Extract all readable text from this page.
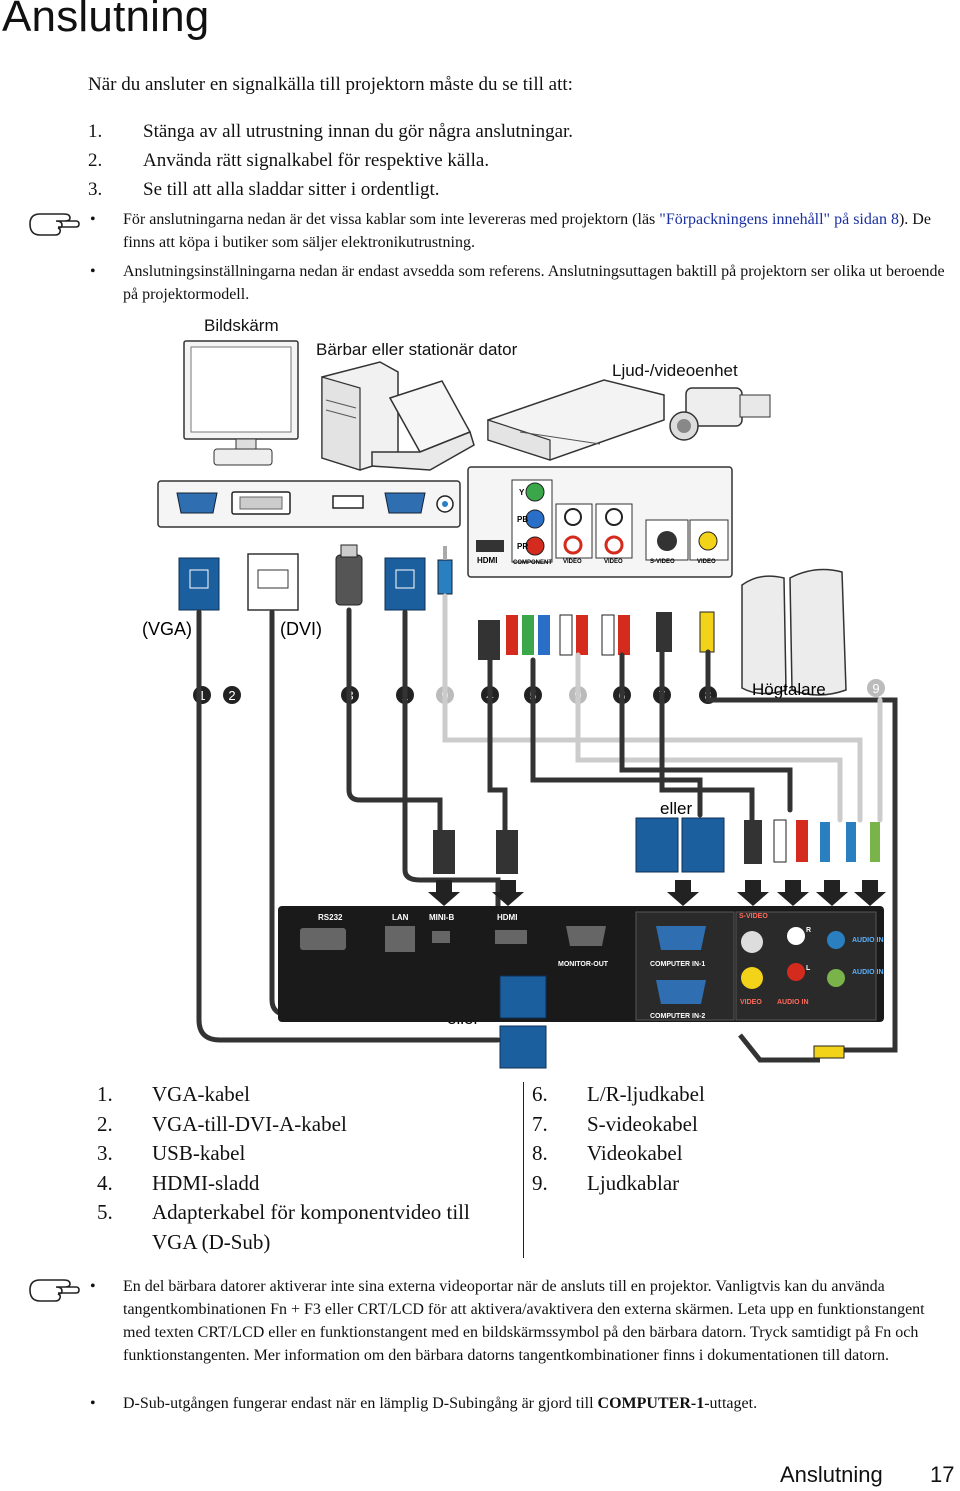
Anslutning
När du ansluter en signalkälla till projektorn måste du se till att:
1.	Stänga av all utrustning innan du gör några anslutningar.
2.	Använda rätt signalkabel för respektive källa.
3.	Se till att alla sladdar sitter i ordentligt.
• För anslutningarna nedan är det vissa kablar som inte levereras med projektorn (läs "Förpackningens innehåll" på sidan 8). De finns att köpa i butiker som säljer elektronikutrustning.
• Anslutningsinställningarna nedan är endast avsedda som referens. Anslutningsuttagen baktill på projektorn ser olika ut beroende på projektormodell.
Bildskärm
Bärbar eller stationär dator
Ljud-/videoenhet
Y
PB
PR
HDMI	COMPONENT VIDEO	VIDEO	S-VIDEO	VIDEO
(VGA)	(DVI)
Högtalare
eller
1 2	3	1	9	4	5	9	6	7	8	9
RS232	LAN	MINI-B	HDMI
MONITOR-OUT	COMPUTER IN-1
COMPUTER IN-2
S-VIDEO
VIDEO AUDIO IN
AUDIO IN
AUDIO IN
R
L
1.	VGA-kabel
2.	VGA-till-DVI-A-kabel
3.	USB-kabel
4.	HDMI-sladd
5.	Adapterkabel för komponentvideo till
VGA (D-Sub)
6.	L/R-ljudkabel
7.	S-videokabel
8.	Videokabel
9.	Ljudkablar
• En del bärbara datorer aktiverar inte sina externa videoportar när de ansluts till en projektor. Vanligtvis kan du använda tangentkombinationen Fn + F3 eller CRT/LCD för att aktivera/avaktivera den externa skärmen. Leta upp en funktionstangent med texten CRT/LCD eller en funktionstangent med en bildskärmssymbol på den bärbara datorn. Tryck samtidigt på Fn och funktionstangenten. Mer information om den bärbara datorns tangentkombinationer finns i dokumentationen till datorn.
• D-Sub-utgången fungerar endast när en lämplig D-Subingång är gjord till COMPUTER-1-uttaget.
Anslutning 17
